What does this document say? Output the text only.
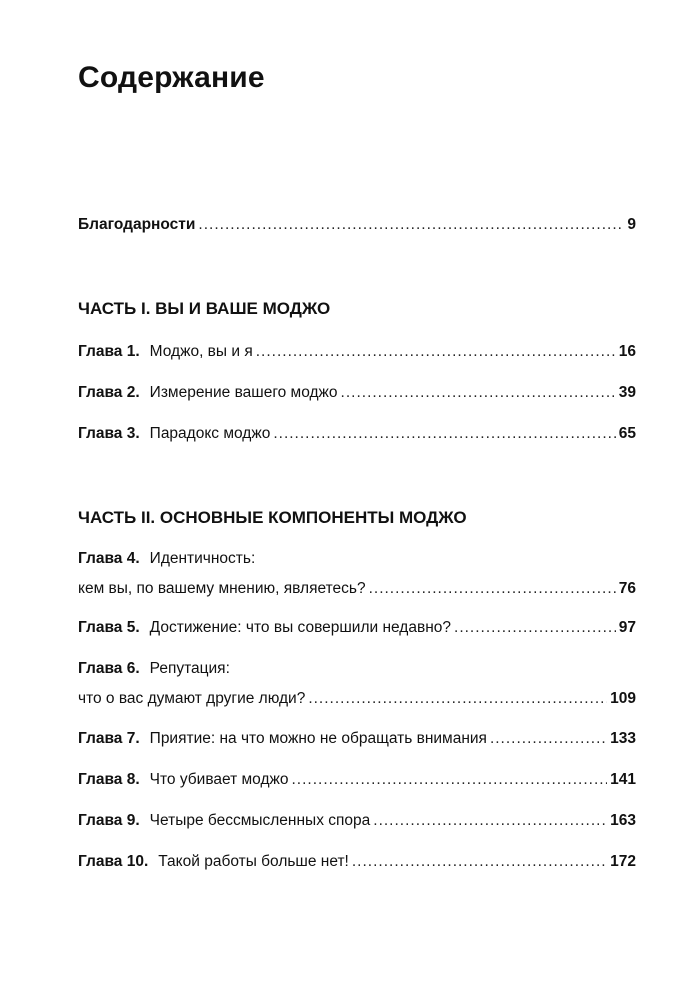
Содержание
Благодарности .....	9
ЧАСТЬ I. ВЫ И ВАШЕ МОДЖО
Глава 1. Моджо, вы и я .....	16
Глава 2. Измерение вашего моджо .....	39
Глава 3. Парадокс моджо .....	65
ЧАСТЬ II. ОСНОВНЫЕ КОМПОНЕНТЫ МОДЖО
Глава 4. Идентичность:
кем вы, по вашему мнению, являетесь? .....	76
Глава 5. Достижение: что вы совершили недавно? .....	97
Глава 6. Репутация:
что о вас думают другие люди? .....	109
Глава 7. Приятие: на что можно не обращать внимания .....	133
Глава 8. Что убивает моджо .....	141
Глава 9. Четыре бессмысленных спора .....	163
Глава 10. Такой работы больше нет! .....	172
